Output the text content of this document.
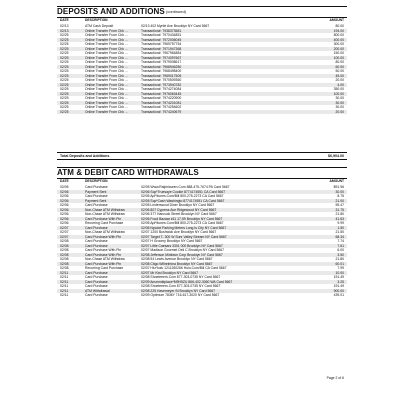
DEPOSITS AND ADDITIONS (continued)
DATE	DESCRIPTION	AMOUNT
02/13	ATM Cash Deposit	02/13 402 Myrtle Ave Brooklyn NY Card 5667	80.00
02/13	Online Transfer From Chk ...	Transaction#: 7938373581	194.00
02/25	Online Transfer From Chk ...	Transaction#: 7970434851	800.00
02/25	Online Transfer From Chk ...	Transaction#: 7972006045	400.00
02/25	Online Transfer From Chk ...	Transaction#: 7969757754	300.00
02/25	Online Transfer From Chk ...	Transaction#: 7971947368	200.00
02/25	Online Transfer From Chk ...	Transaction#: 7967964884	150.00
02/25	Online Transfer From Chk ...	Transaction#: 7974097667	100.00
02/25	Online Transfer From Chk ...	Transaction#: 7979008617	80.00
02/25	Online Transfer From Chk ...	Transaction#: 7968946280	60.00
02/25	Online Transfer From Chk ...	Transaction#: 7968498400	50.00
02/25	Online Transfer From Chk ...	Transaction#: 7969017505	45.00
02/25	Online Transfer From Chk ...	Transaction#: 7970509360	20.00
02/25	Online Transfer From Chk ...	Transaction#: 7973940782	4.00
02/25	Online Transfer From Chk ...	Transaction#: 7974274084	350.00
02/25	Online Transfer From Chk ...	Transaction#: 7976063445	100.00
02/25	Online Transfer From Chk ...	Transaction#: 7974220900	30.00
02/25	Online Transfer From Chk ...	Transaction#: 7974201081	30.00
02/25	Online Transfer From Chk ...	Transaction#: 7974254602	30.00
02/25	Online Transfer From Chk ...	Transaction#: 7974240679	20.00
Total Deposits and Additions	$6,904.00
ATM & DEBIT CARD WITHDRAWALS
DATE	DESCRIPTION	AMOUNT
02/05	Card Purchase	02/05 Www.Ralphlauren.Com 888-475-7674 PA Card 5667	$91.96
02/06	Payment Sent	02/06 Sqc*Truesaye Cookie 8774174551 CA Card 5667	30.00
02/06	Card Purchase	02/05 Apl*Itunes.Com/Bill 800-275-2273 CA Card 5667	8.75
02/06	Payment Sent	02/05 Sqc*Cash Washingto 8774174551 CA Card 5667	21.00
02/06	Card Purchase	02/05 Lindenwood Diner Brooklyn NY Card 5667	55.47
02/06	Non-Chase ATM Withdraw	02/06 807 Cypress Ave Ridgewood NY Card 5667	31.75
02/06	Non-Chase ATM Withdraw	02/06 377 Hancock Street Brooklyn NY Card 5667	21.80
02/06	Card Purchase With Pin	02/06 Food Bazaar #11 17-59 Brooklyn NY Card 5667	41.63
02/06	Recurring Card Purchase	02/05 Apl*Itunes.Com/Bill 800-275-2273 CA Card 5667	9.99
02/07	Card Purchase	02/06 Npcdot Parking Meters Long Is City NY Card 5667	1.50
02/07	Non-Chase ATM Withdraw	02/07 1200 Bushwick Ave Brooklyn NY Card 5667	21.50
02/07	Card Purchase With Pin	02/07 Target T- 300 W Sunr Valley Stream NY Card 5667	68.34
02/08	Card Purchase	02/07 H Grocery Brooklyn NY Card 5667	7.74
02/08	Card Purchase	02/07 Little Caesars 3301 000 Brooklyn NY Card 5667	7.61
02/08	Card Purchase With Pin	02/07 Madison Gourmet Deli C Brooklyn NY Card 5667	6.00
02/08	Card Purchase With Pin	02/08 Jefferson Midtown Corp Brooklyn NY Card 5667	3.50
02/08	Non-Chase ATM Withdraw	02/08 54 Lewis Avenue Brooklyn NY Card 5667	21.80
02/08	Card Purchase With Pin	02/08 Citgo Wilhelmina Brooklyn NY Card 5667	60.01
02/08	Recurring Card Purchase	02/07 Hlu*hulu 1211260266 Hulu.Com/Bill CA Card 5667	7.99
02/11	Card Purchase	02/07 Mr Kiwi Brooklyn NY Card 5667	10.00
02/11	Card Purchase	02/08 Shoeteeers.Com 877-303-0735 NY Card 5667	191.49
02/11	Card Purchase	02/09 Amznmktplace*M9H9ZU 866-402-3060 WA Card 5667	3.25
02/11	Card Purchase	02/08 Shoeteeers.Com 877-303-0735 NY Card 5667	191.49
02/11	ATM Withdrawal	02/08 225 Havemeyer St Brooklyn NY Card 5667	900.00
02/11	Card Purchase	02/09 Optimum 7836Y 716-617-3020 NY Card 5667	439.01
Page 2 of 6
